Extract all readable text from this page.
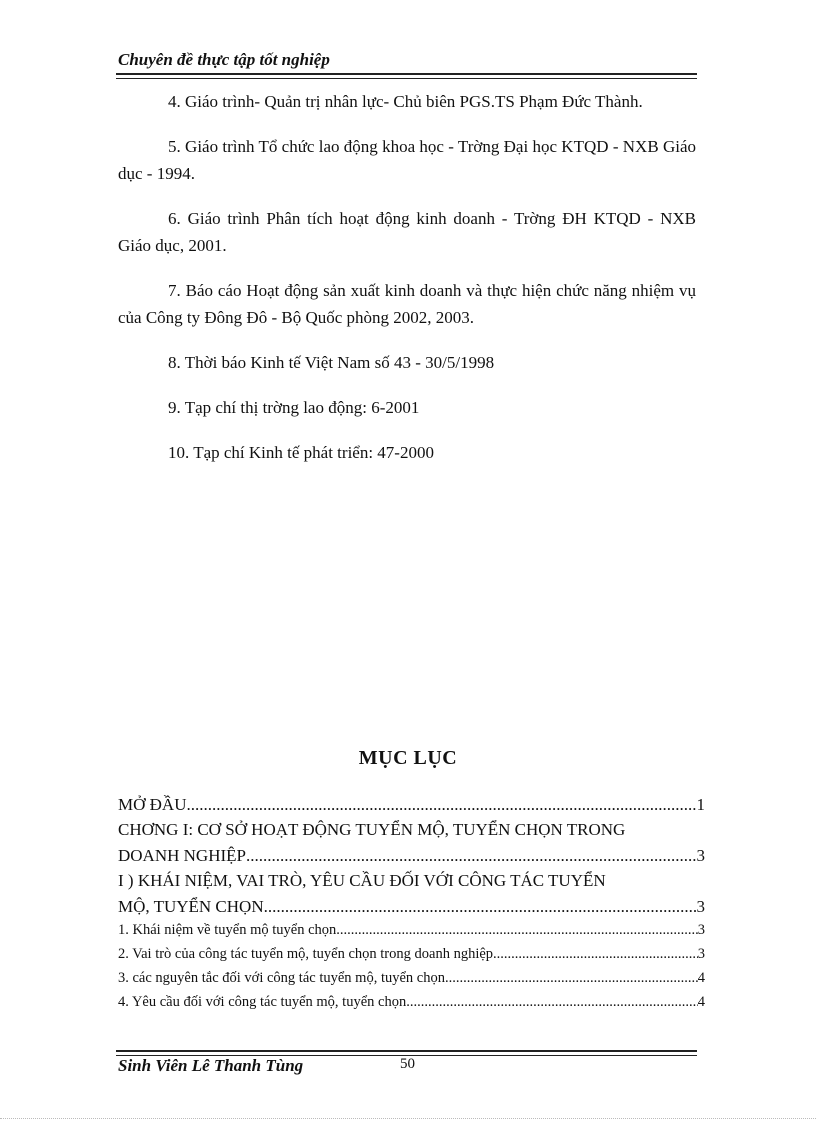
Chuyên đề thực tập tốt nghiệp

4. Giáo trình- Quản trị nhân lực- Chủ biên PGS.TS Phạm Đức Thành.

5. Giáo trình Tổ chức lao động khoa học - Trờng Đại học KTQD - NXB Giáo dục - 1994.

6. Giáo trình Phân tích hoạt động kinh doanh - Trờng ĐH KTQD - NXB Giáo dục, 2001.

7. Báo cáo Hoạt động sản xuất kinh doanh và thực hiện chức năng nhiệm vụ của Công ty Đông Đô - Bộ Quốc phòng 2002, 2003.

8. Thời báo Kinh tế Việt Nam số 43 - 30/5/1998

9. Tạp chí thị trờng lao động: 6-2001

10. Tạp chí Kinh tế phát triển: 47-2000

MỤC LỤC
MỞ ĐẦU .....	1
CHƠNG I: CƠ SỞ HOẠT ĐỘNG TUYỂN MỘ, TUYỂN CHỌN TRONG
DOANH NGHIỆP .....	3
I ) KHÁI NIỆM, VAI TRÒ, YÊU CẦU ĐỐI VỚI CÔNG TÁC TUYỂN
MỘ, TUYỂN CHỌN .....	3
1. Khái niệm về tuyển mộ tuyển chọn .....	3
2. Vai trò của công tác tuyển mộ, tuyển chọn trong doanh nghiệp .....	3
3. các nguyên tắc đối với công tác tuyển mộ, tuyển chọn .....	4
4. Yêu cầu đối với công tác tuyển mộ, tuyển chọn .....	4
Sinh Viên Lê Thanh Tùng	50
